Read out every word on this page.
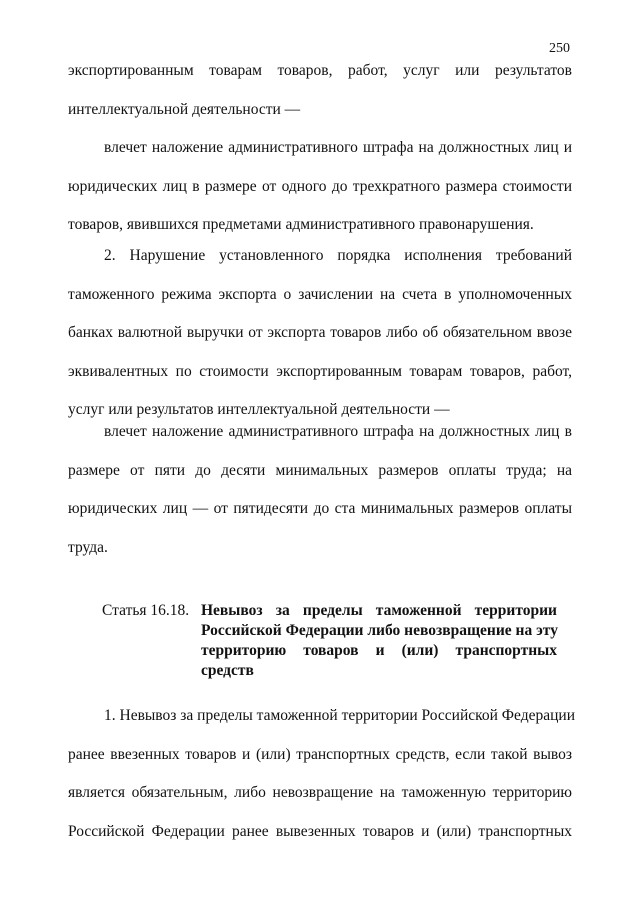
250
экспортированным товарам товаров, работ, услуг или результатов
интеллектуальной деятельности —
влечет наложение административного штрафа на должностных лиц и
юридических лиц в размере от одного до трехкратного размера стоимости
товаров, явившихся предметами административного правонарушения.
2. Нарушение установленного порядка исполнения требований
таможенного режима экспорта о зачислении на счета в уполномоченных
банках валютной выручки от экспорта товаров либо об обязательном ввозе
эквивалентных по стоимости экспортированным товарам товаров, работ,
услуг или результатов интеллектуальной деятельности —
влечет наложение административного штрафа на должностных лиц в
размере от пяти до десяти минимальных размеров оплаты труда; на
юридических лиц — от пятидесяти до ста минимальных размеров оплаты
труда.
Статья 16.18. Невывоз за пределы таможенной территории
Российской Федерации либо невозвращение на эту
территорию товаров и (или) транспортных
средств
1. Невывоз за пределы таможенной территории Российской Федерации
ранее ввезенных товаров и (или) транспортных средств, если такой вывоз
является обязательным, либо невозвращение на таможенную территорию
Российской Федерации ранее вывезенных товаров и (или) транспортных
